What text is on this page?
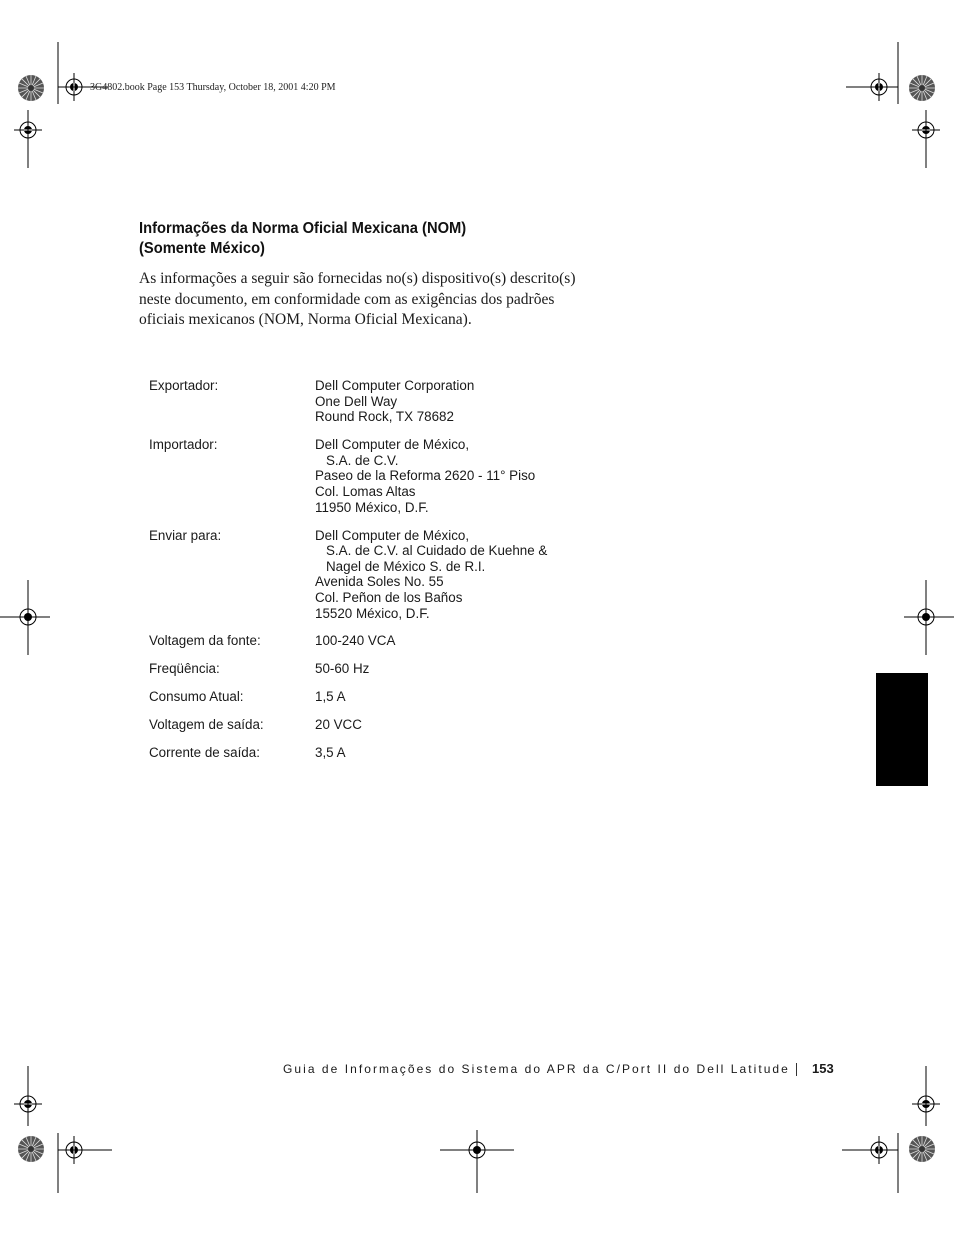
3G4802.book Page 153 Thursday, October 18, 2001 4:20 PM
Informações da Norma Oficial Mexicana (NOM)
(Somente México)

As informações a seguir são fornecidas no(s) dispositivo(s) descrito(s) neste documento, em conformidade com as exigências dos padrões oficiais mexicanos (NOM, Norma Oficial Mexicana).

Exportador:	Dell Computer Corporation
One Dell Way
Round Rock, TX 78682
Importador:	Dell Computer de México,
S.A. de C.V.
Paseo de la Reforma 2620 - 11° Piso
Col. Lomas Altas
11950 México, D.F.
Enviar para:	Dell Computer de México,
S.A. de C.V. al Cuidado de Kuehne &
Nagel de México S. de R.I.
Avenida Soles No. 55
Col. Peñon de los Baños
15520 México, D.F.
Voltagem da fonte:	100-240 VCA
Freqüência:	50-60 Hz
Consumo Atual:	1,5 A
Voltagem de saída:	20 VCC
Corrente de saída:	3,5 A
Guia de Informações do Sistema do APR da C/Port II do Dell Latitude 153
